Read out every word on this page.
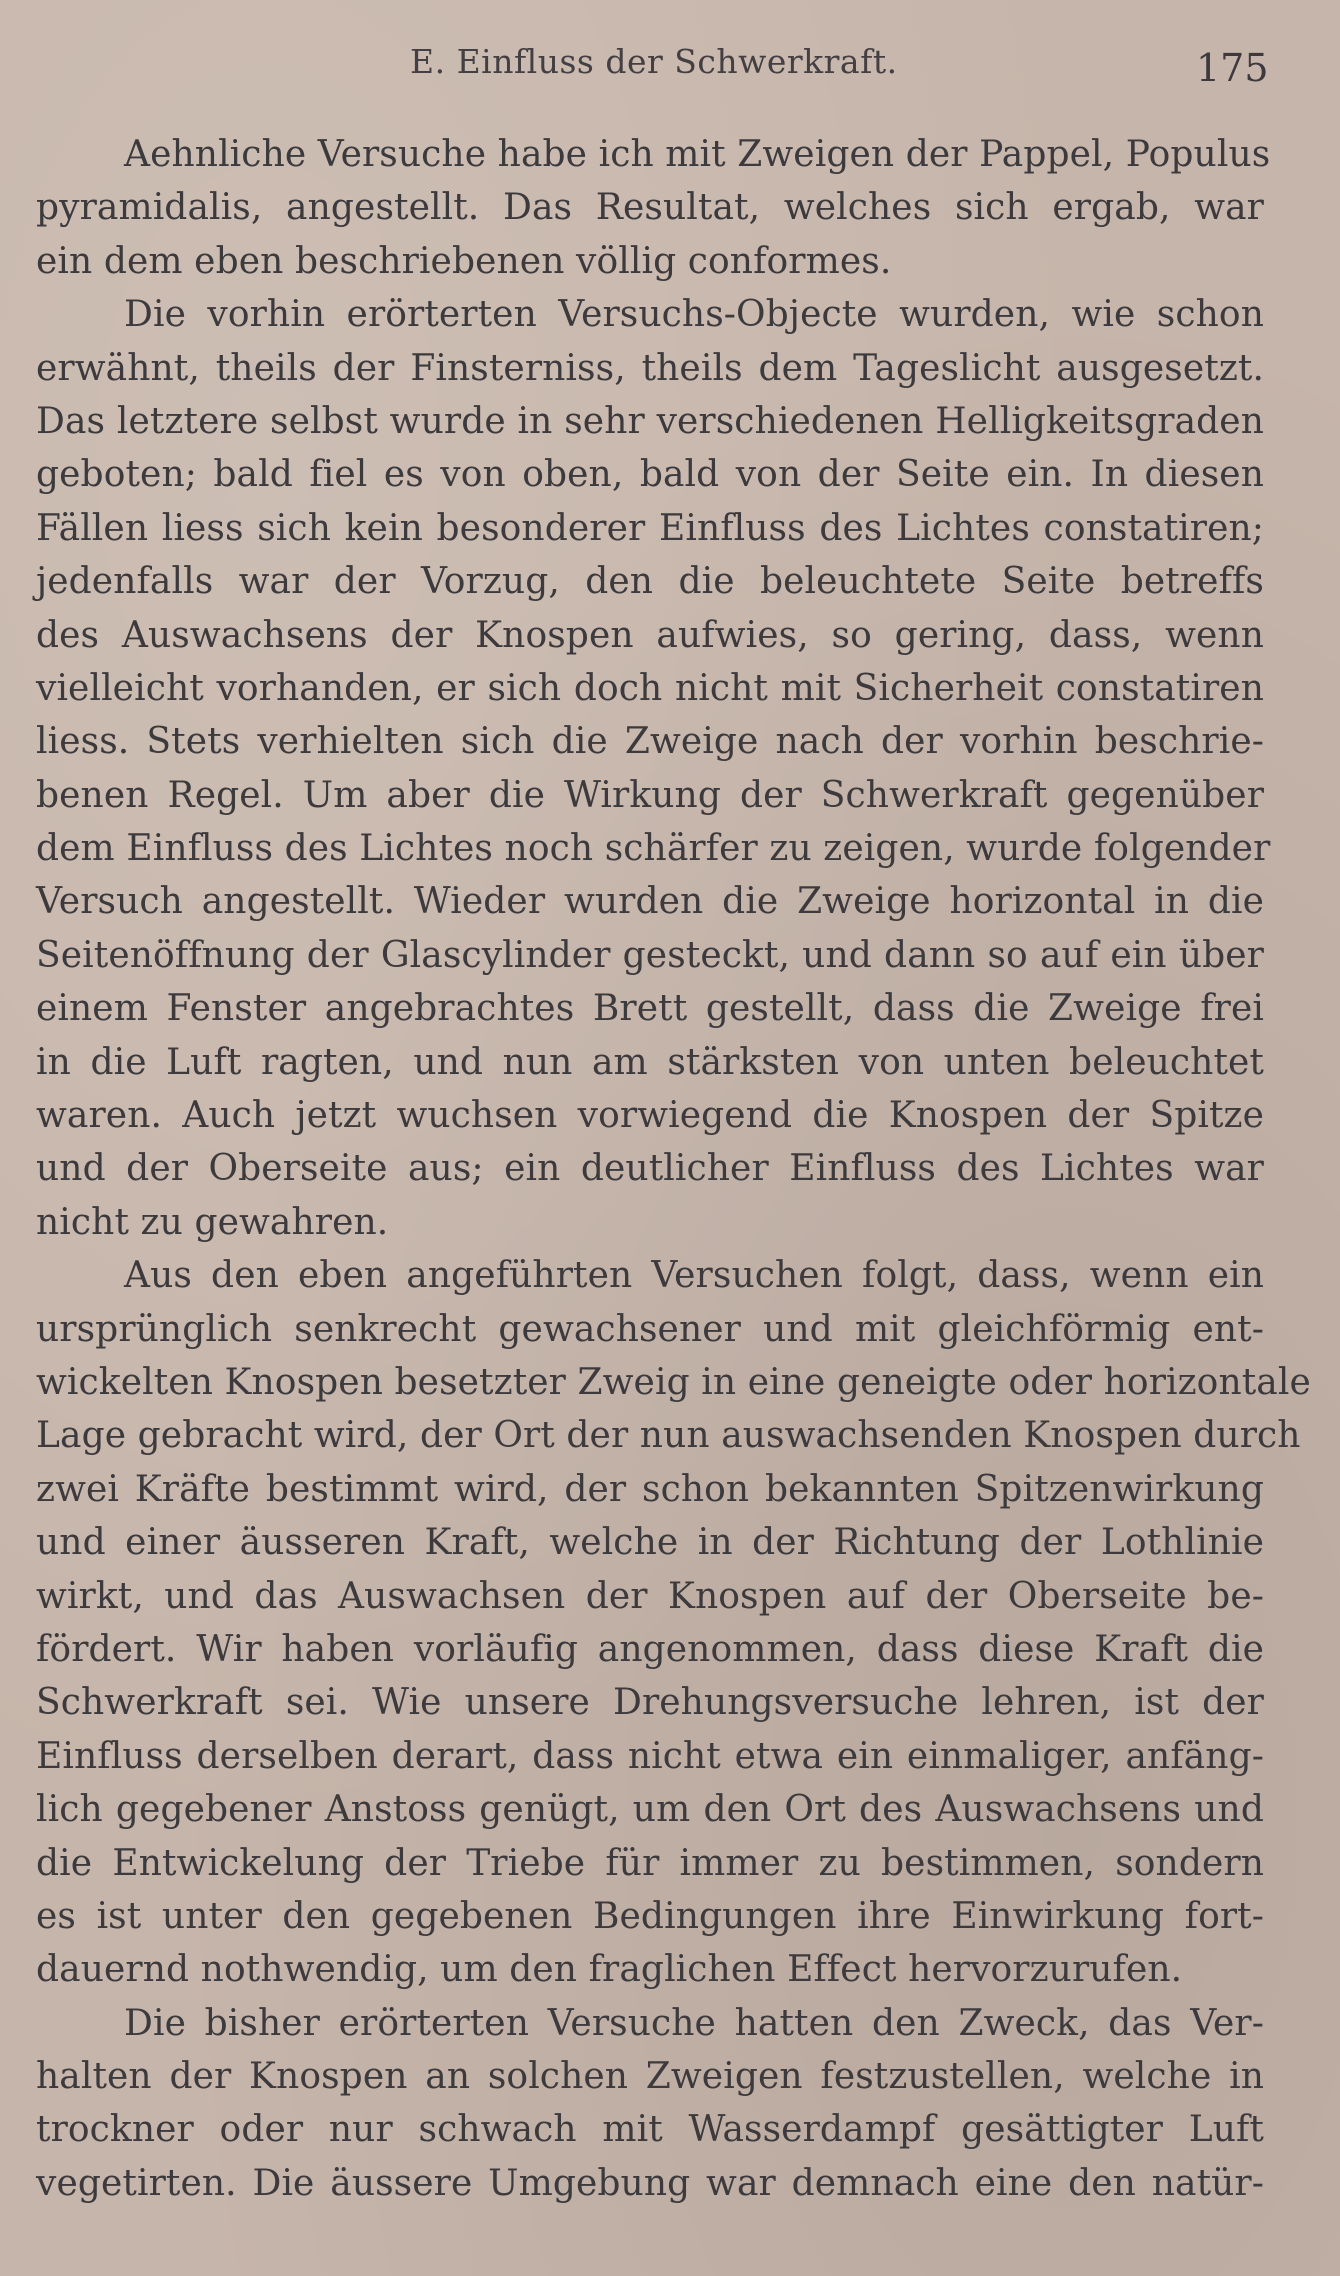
E. Einfluss der Schwerkraft.	175
Aehnliche Versuche habe ich mit Zweigen der Pappel, Populus
pyramidalis, angestellt. Das Resultat, welches sich ergab, war
ein dem eben beschriebenen völlig conformes.
Die vorhin erörterten Versuchs-Objecte wurden, wie schon
erwähnt, theils der Finsterniss, theils dem Tageslicht ausgesetzt.
Das letztere selbst wurde in sehr verschiedenen Helligkeitsgraden
geboten; bald fiel es von oben, bald von der Seite ein. In diesen
Fällen liess sich kein besonderer Einfluss des Lichtes constatiren;
jedenfalls war der Vorzug, den die beleuchtete Seite betreffs
des Auswachsens der Knospen aufwies, so gering, dass, wenn
vielleicht vorhanden, er sich doch nicht mit Sicherheit constatiren
liess. Stets verhielten sich die Zweige nach der vorhin beschrie-
benen Regel. Um aber die Wirkung der Schwerkraft gegenüber
dem Einfluss des Lichtes noch schärfer zu zeigen, wurde folgender
Versuch angestellt. Wieder wurden die Zweige horizontal in die
Seitenöffnung der Glascylinder gesteckt, und dann so auf ein über
einem Fenster angebrachtes Brett gestellt, dass die Zweige frei
in die Luft ragten, und nun am stärksten von unten beleuchtet
waren. Auch jetzt wuchsen vorwiegend die Knospen der Spitze
und der Oberseite aus; ein deutlicher Einfluss des Lichtes war
nicht zu gewahren.
Aus den eben angeführten Versuchen folgt, dass, wenn ein
ursprünglich senkrecht gewachsener und mit gleichförmig ent-
wickelten Knospen besetzter Zweig in eine geneigte oder horizontale
Lage gebracht wird, der Ort der nun auswachsenden Knospen durch
zwei Kräfte bestimmt wird, der schon bekannten Spitzenwirkung
und einer äusseren Kraft, welche in der Richtung der Lothlinie
wirkt, und das Auswachsen der Knospen auf der Oberseite be-
fördert. Wir haben vorläufig angenommen, dass diese Kraft die
Schwerkraft sei. Wie unsere Drehungsversuche lehren, ist der
Einfluss derselben derart, dass nicht etwa ein einmaliger, anfäng-
lich gegebener Anstoss genügt, um den Ort des Auswachsens und
die Entwickelung der Triebe für immer zu bestimmen, sondern
es ist unter den gegebenen Bedingungen ihre Einwirkung fort-
dauernd nothwendig, um den fraglichen Effect hervorzurufen.
Die bisher erörterten Versuche hatten den Zweck, das Ver-
halten der Knospen an solchen Zweigen festzustellen, welche in
trockner oder nur schwach mit Wasserdampf gesättigter Luft
vegetirten. Die äussere Umgebung war demnach eine den natür-
